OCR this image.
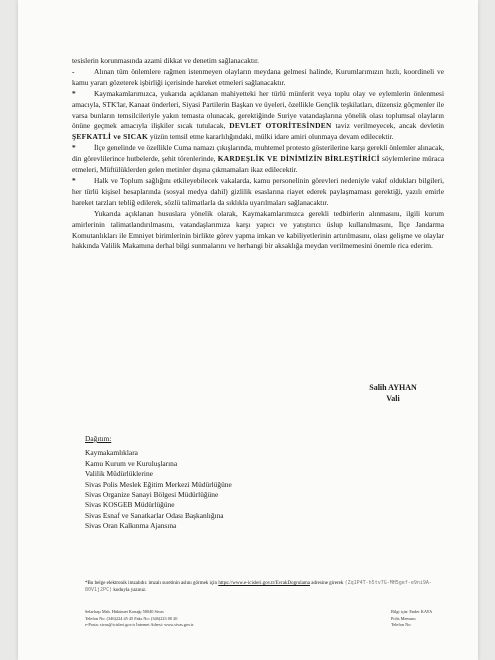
tesislerin korunmasında azami dikkat ve denetim sağlanacaktır.

-	Alınan tüm önlemlere rağmen istenmeyen olayların meydana gelmesi halinde, Kurumlarımızın hızlı, koordineli ve kamu yararı gözeterek işbirliği içerisinde hareket etmeleri sağlanacaktır.

* Kaymakamlarımızca, yukarıda açıklanan mahiyetteki her türlü münferit veya toplu olay ve eylemlerin önlenmesi amacıyla, STK'lar, Kanaat önderleri, Siyasi Partilerin Başkan ve üyeleri, özellikle Gençlik teşkilatları, düzensiz göçmenler ile varsa bunların temsilcileriyle yakın temasta olunacak, gerektiğinde Suriye vatandaşlarına yönelik olası toplumsal olayların önüne geçmek amacıyla ilişkiler sıcak tutulacak, DEVLET OTORİTESİNDEN taviz verilmeyecek, ancak devletin ŞEFKATLİ ve SICAK yüzün temsil etme kararlılığındaki, mülki idare amiri olunmaya devam edilecektir.

* İlçe genelinde ve özellikle Cuma namazı çıkışlarında, muhtemel protesto gösterilerine karşı gerekli önlemler alınacak, din görevlilerince hutbelerde, şehit törenlerinde, KARDEŞLİK VE DİNİMİZİN BİRLEŞTİRİCİ söylemlerine müraca etmeleri, Müftülüklerden gelen metinler dışına çıkmamaları ikaz edilecektir.

* Halk ve Toplum sağlığını etkileyebilecek vakalarda, kamu personelinin görevleri nedeniyle vakıf oldukları bilgileri, her türlü kişisel hesaplarında (sosyal medya dahil) gizlilik esaslarına riayet ederek paylaşmaması gerektiği, yazılı emirle hareket tarzları tebliğ edilerek, sözlü talimatlarla da sıklıkla uyarılmaları sağlanacaktır.

Yukarıda açıklanan hususlara yönelik olarak, Kaymakamlarımızca gerekli tedbirlerin alınmasını, ilgili kurum amirlerinin talimatlandırılmasını, vatandaşlarımıza karşı yapıcı ve yatıştırıcı üslup kullanılmasını, İlçe Jandarma Komutanlıkları ile Emniyet birimlerinin birlikte görev yapma imkan ve kabiliyetlerinin artırılmasını, olası gelişme ve olaylar hakkında Valilik Makamına derhal bilgi sunmalarını ve herhangi bir aksaklığa meydan verilmemesini önemle rica ederim.

Salih AYHAN
Vali
Dağıtım:
Kaymakamlıklara
Kamu Kurum ve Kuruluşlarına
Valilik Müdürlüklerine
Sivas Polis Meslek Eğitim Merkezi Müdürlüğüne
Sivas Organize Sanayi Bölgesi Müdürlüğüne
Sivas KOSGEB Müdürlüğüne
Sivas Esnaf ve Sanatkarlar Odası Başkanlığına
Sivas Oran Kalkınma Ajansına
*Bu belge elektronik imzalıdır. imzalı suretinin aslını görmek için https://www.e-icisleri.gov.tr/EvrakDogrulama adresine girerek (Zq1P4T-h5tv7G-MH5gef-e9ni9A-80V1j2PC) koduyla yazınız.
Selarbaşı Mah. Hükümet Konağı 58040 Sivas
Telefon No: (346)224 45 45 Faks No: (346)223 00 20
e-Posta: sivas@icisleri.gov.tr İnternet Adresi: www.sivas.gov.tr
Bilgi için: Ender KAYA
Polis Memuru
Telefon No:
